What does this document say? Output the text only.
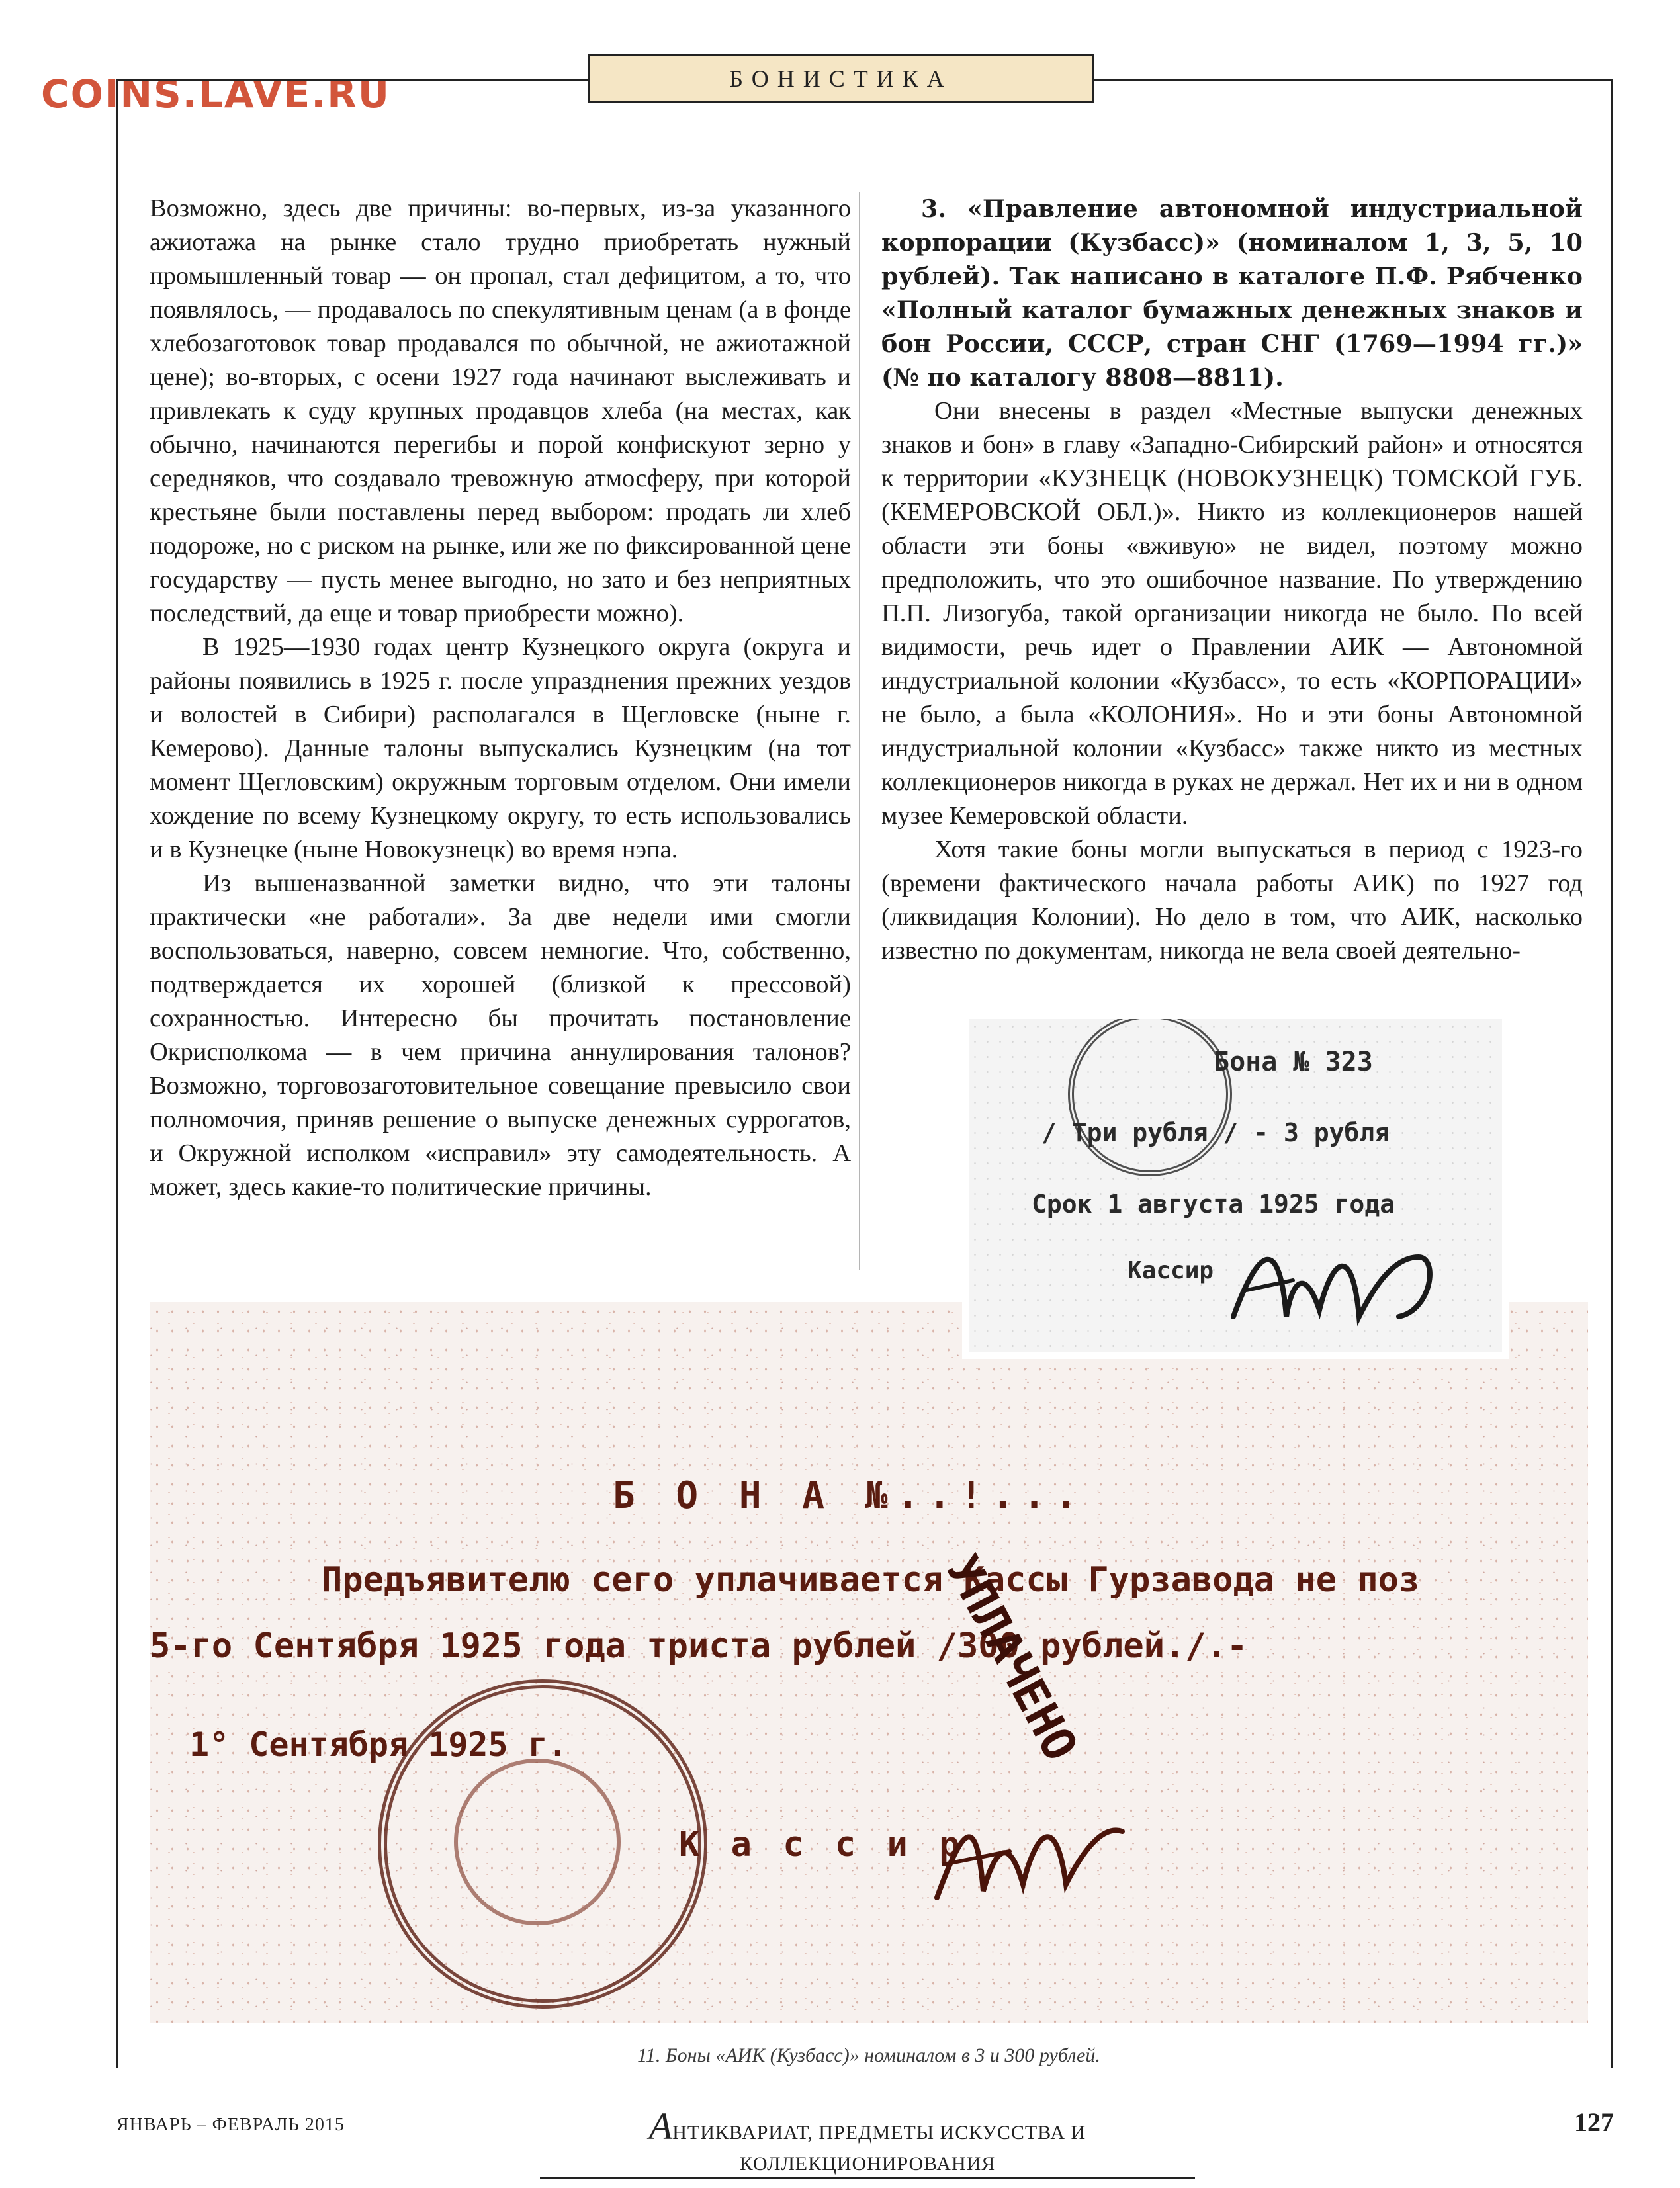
COINS.LAVE.RU	БОНИСТИКА

Возможно, здесь две причины: во-первых, из-за указанного ажиотажа на рынке стало трудно приобретать нужный промышленный товар — он пропал, стал дефицитом, а то, что появлялось, — продавалось по спекулятивным ценам (а в фонде хлебозаготовок товар продавался по обычной, не ажиотажной цене); во-вторых, с осени 1927 года начинают выслеживать и привлекать к суду крупных продавцов хлеба (на местах, как обычно, начинаются перегибы и порой конфискуют зерно у середняков, что создавало тревожную атмосферу, при которой крестьяне были поставлены перед выбором: продать ли хлеб подороже, но с риском на рынке, или же по фиксированной цене государству — пусть менее выгодно, но зато и без неприятных последствий, да еще и товар приобрести можно).

В 1925—1930 годах центр Кузнецкого округа (округа и районы появились в 1925 г. после упразднения прежних уездов и волостей в Сибири) располагался в Щегловске (ныне г. Кемерово). Данные талоны выпускались Кузнецким (на тот момент Щегловским) окружным торговым отделом. Они имели хождение по всему Кузнецкому округу, то есть использовались и в Кузнецке (ныне Новокузнецк) во время нэпа.

Из вышеназванной заметки видно, что эти талоны практически «не работали». За две недели ими смогли воспользоваться, наверно, совсем немногие. Что, собственно, подтверждается их хорошей (близкой к прессовой) сохранностью. Интересно бы прочитать постановление Окрисполкома — в чем причина аннулирования талонов? Возможно, торговозаготовительное совещание превысило свои полномочия, приняв решение о выпуске денежных суррогатов, и Окружной исполком «исправил» эту самодеятельность. А может, здесь какие-то политические причины.

3. «Правление автономной индустриальной корпорации (Кузбасс)» (номиналом 1, 3, 5, 10 рублей). Так написано в каталоге П.Ф. Рябченко «Полный каталог бумажных денежных знаков и бон России, СССР, стран СНГ (1769—1994 гг.)» (№ по каталогу 8808—8811).

Они внесены в раздел «Местные выпуски денежных знаков и бон» в главу «Западно-Сибирский район» и относятся к территории «КУЗНЕЦК (НОВОКУЗНЕЦК) ТОМСКОЙ ГУБ. (КЕМЕРОВСКОЙ ОБЛ.)». Никто из коллекционеров нашей области эти боны «вживую» не видел, поэтому можно предположить, что это ошибочное название. По утверждению П.П. Лизогуба, такой организации никогда не было. По всей видимости, речь идет о Правлении АИК — Автономной индустриальной колонии «Кузбасс», то есть «КОРПОРАЦИИ» не было, а была «КОЛОНИЯ». Но и эти боны Автономной индустриальной колонии «Кузбасс» также никто из местных коллекционеров никогда в руках не держал. Нет их и ни в одном музее Кемеровской области.

Хотя такие боны могли выпускаться в период с 1923-го (времени фактического начала работы АИК) по 1927 год (ликвидация Колонии). Но дело в том, что АИК, насколько известно по документам, никогда не вела своей деятельно-

Бона № 323
/ Три рубля / - 3 рубля
Срок 1 августа 1925 года
Кассир
Б О Н А №..!...
Предъявителю сего уплачивается Кассы Гурзавода не поз
5-го Сентября 1925 года триста рублей /300 рублей./.-
1° Сентября 1925 г.
К а с с и р
УПЛАЧЕНО
11. Боны «АИК (Кузбасс)» номиналом в 3 и 300 рублей.
ЯНВАРЬ – ФЕВРАЛЬ 2015	АНТИКВАРИАТ, ПРЕДМЕТЫ ИСКУССТВА И КОЛЛЕКЦИОНИРОВАНИЯ
127
